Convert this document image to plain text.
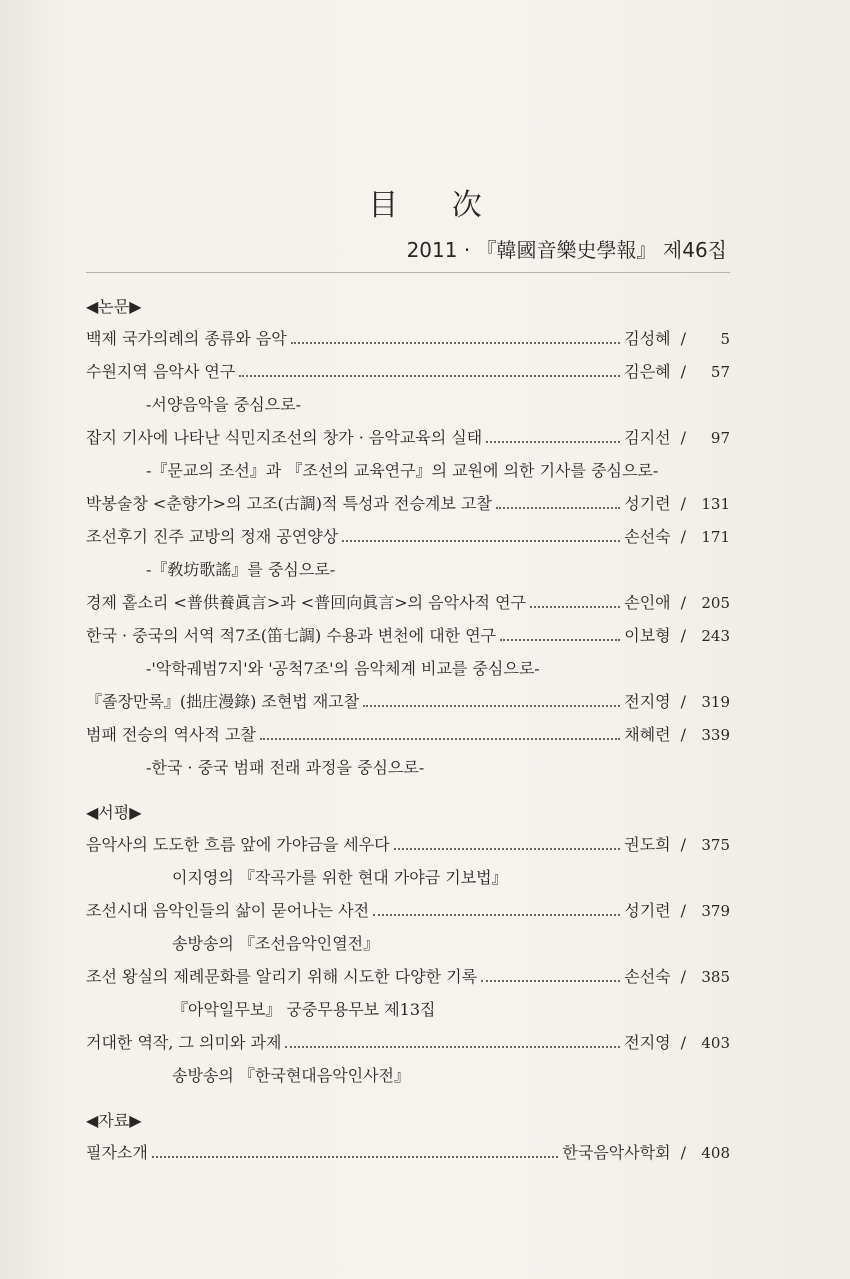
目 次
2011 · 『韓國音樂史學報』 제46집
◀논문▶
백제 국가의례의 종류와 음악	김성혜 /	5
수원지역 음악사 연구	김은혜 /	57
-서양음악을 중심으로-
잡지 기사에 나타난 식민지조선의 창가 · 음악교육의 실태	김지선 /	97
-『문교의 조선』과 『조선의 교육연구』의 교원에 의한 기사를 중심으로-
박봉술창 <춘향가>의 고조(古調)적 특성과 전승계보 고찰	성기련 /	131
조선후기 진주 교방의 정재 공연양상	손선숙 /	171
-『敎坊歌謠』를 중심으로-
경제 홑소리 <普供養眞言>과 <普回向眞言>의 음악사적 연구	손인애 /	205
한국 · 중국의 서역 적7조(笛七調) 수용과 변천에 대한 연구	이보형 /	243
-'악학궤범7지'와 '공척7조'의 음악체계 비교를 중심으로-
『졸장만록』(拙庄漫錄) 조현법 재고찰	전지영 /	319
범패 전승의 역사적 고찰	채혜련 /	339
-한국 · 중국 범패 전래 과정을 중심으로-
◀서평▶
음악사의 도도한 흐름 앞에 가야금을 세우다	권도희 /	375
이지영의 『작곡가를 위한 현대 가야금 기보법』
조선시대 음악인들의 삶이 묻어나는 사전	성기련 /	379
송방송의 『조선음악인열전』
조선 왕실의 제례문화를 알리기 위해 시도한 다양한 기록	손선숙 /	385
『아악일무보』 궁중무용무보 제13집
거대한 역작, 그 의미와 과제	전지영 /	403
송방송의 『한국현대음악인사전』
◀자료▶
필자소개	한국음악사학회 /	408
